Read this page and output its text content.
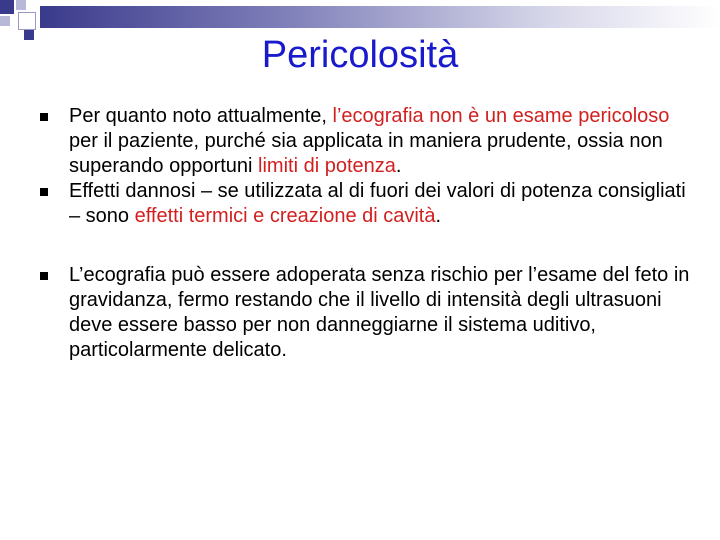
Pericolosità
Per quanto noto attualmente, l’ecografia non è un esame pericoloso per il paziente, purché sia applicata in maniera prudente, ossia non superando opportuni limiti di potenza.
Effetti dannosi – se utilizzata al di fuori dei valori di potenza consigliati – sono effetti termici e creazione di cavità.
L’ecografia può essere adoperata senza rischio per l’esame del feto in gravidanza, fermo restando che il livello di intensità degli ultrasuoni deve essere basso per non danneggiarne il sistema uditivo, particolarmente delicato.
